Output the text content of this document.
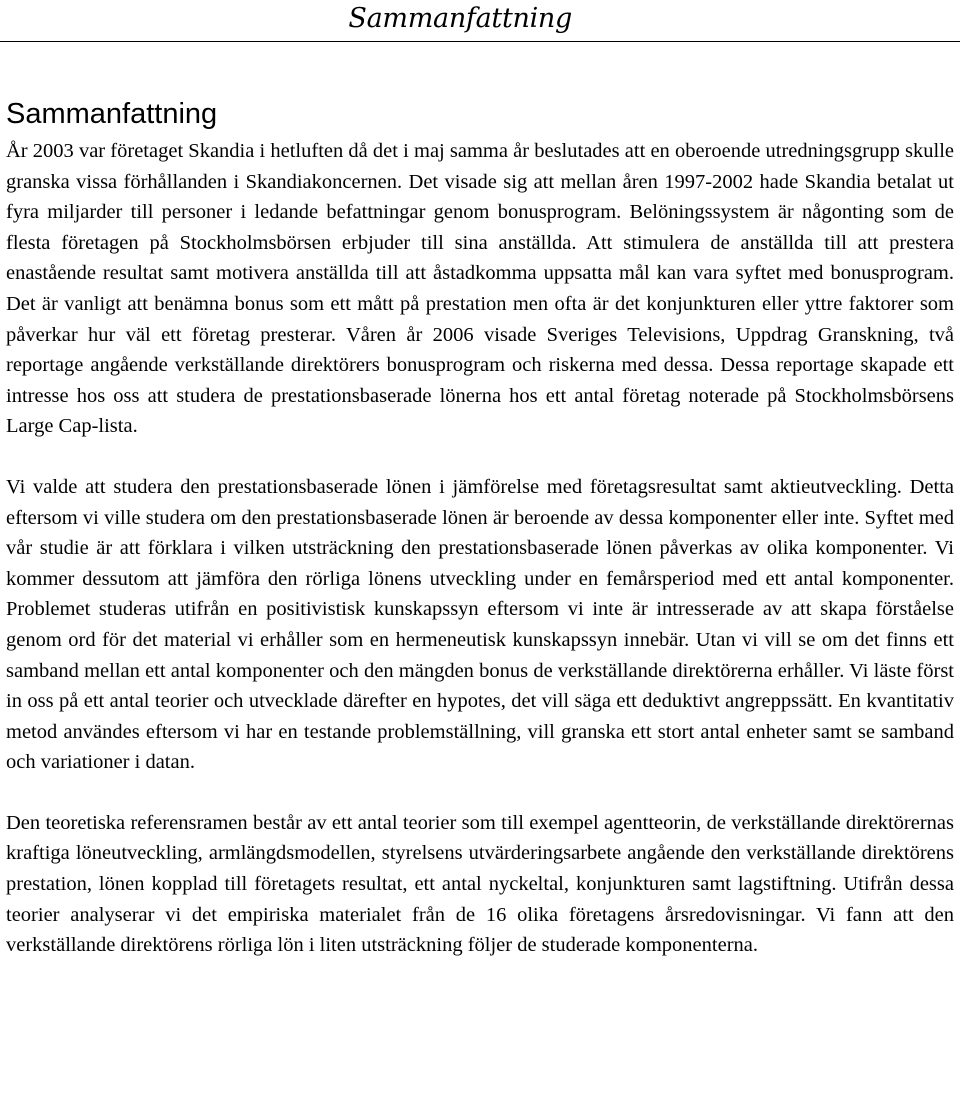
Sammanfattning
Sammanfattning

År 2003 var företaget Skandia i hetluften då det i maj samma år beslutades att en oberoende utredningsgrupp skulle granska vissa förhållanden i Skandiakoncernen. Det visade sig att mellan åren 1997-2002 hade Skandia betalat ut fyra miljarder till personer i ledande befattningar genom bonusprogram. Belöningssystem är någonting som de flesta företagen på Stockholmsbörsen erbjuder till sina anställda. Att stimulera de anställda till att prestera enastående resultat samt motivera anställda till att åstadkomma uppsatta mål kan vara syftet med bonusprogram. Det är vanligt att benämna bonus som ett mått på prestation men ofta är det konjunkturen eller yttre faktorer som påverkar hur väl ett företag presterar. Våren år 2006 visade Sveriges Televisions, Uppdrag Granskning, två reportage angående verkställande direktörers bonusprogram och riskerna med dessa. Dessa reportage skapade ett intresse hos oss att studera de prestationsbaserade lönerna hos ett antal företag noterade på Stockholmsbörsens Large Cap-lista.

Vi valde att studera den prestationsbaserade lönen i jämförelse med företagsresultat samt aktieutveckling. Detta eftersom vi ville studera om den prestationsbaserade lönen är beroende av dessa komponenter eller inte. Syftet med vår studie är att förklara i vilken utsträckning den prestationsbaserade lönen påverkas av olika komponenter. Vi kommer dessutom att jämföra den rörliga lönens utveckling under en femårsperiod med ett antal komponenter. Problemet studeras utifrån en positivistisk kunskapssyn eftersom vi inte är intresserade av att skapa förståelse genom ord för det material vi erhåller som en hermeneutisk kunskapssyn innebär. Utan vi vill se om det finns ett samband mellan ett antal komponenter och den mängden bonus de verkställande direktörerna erhåller. Vi läste först in oss på ett antal teorier och utvecklade därefter en hypotes, det vill säga ett deduktivt angreppssätt. En kvantitativ metod användes eftersom vi har en testande problemställning, vill granska ett stort antal enheter samt se samband och variationer i datan.

Den teoretiska referensramen består av ett antal teorier som till exempel agentteorin, de verkställande direktörernas kraftiga löneutveckling, armlängdsmodellen, styrelsens utvärderingsarbete angående den verkställande direktörens prestation, lönen kopplad till företagets resultat, ett antal nyckeltal, konjunkturen samt lagstiftning. Utifrån dessa teorier analyserar vi det empiriska materialet från de 16 olika företagens årsredovisningar. Vi fann att den verkställande direktörens rörliga lön i liten utsträckning följer de studerade komponenterna.
